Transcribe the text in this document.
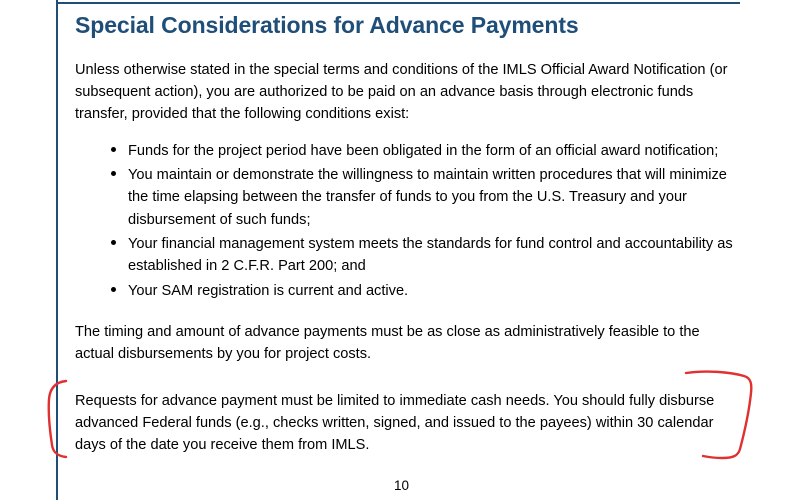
Special Considerations for Advance Payments

Unless otherwise stated in the special terms and conditions of the IMLS Official Award Notification (or subsequent action), you are authorized to be paid on an advance basis through electronic funds transfer, provided that the following conditions exist:

Funds for the project period have been obligated in the form of an official award notification;
You maintain or demonstrate the willingness to maintain written procedures that will minimize the time elapsing between the transfer of funds to you from the U.S. Treasury and your disbursement of such funds;
Your financial management system meets the standards for fund control and accountability as established in 2 C.F.R. Part 200; and
Your SAM registration is current and active.

The timing and amount of advance payments must be as close as administratively feasible to the actual disbursements by you for project costs.

Requests for advance payment must be limited to immediate cash needs. You should fully disburse advanced Federal funds (e.g., checks written, signed, and issued to the payees) within 30 calendar days of the date you receive them from IMLS.

10
